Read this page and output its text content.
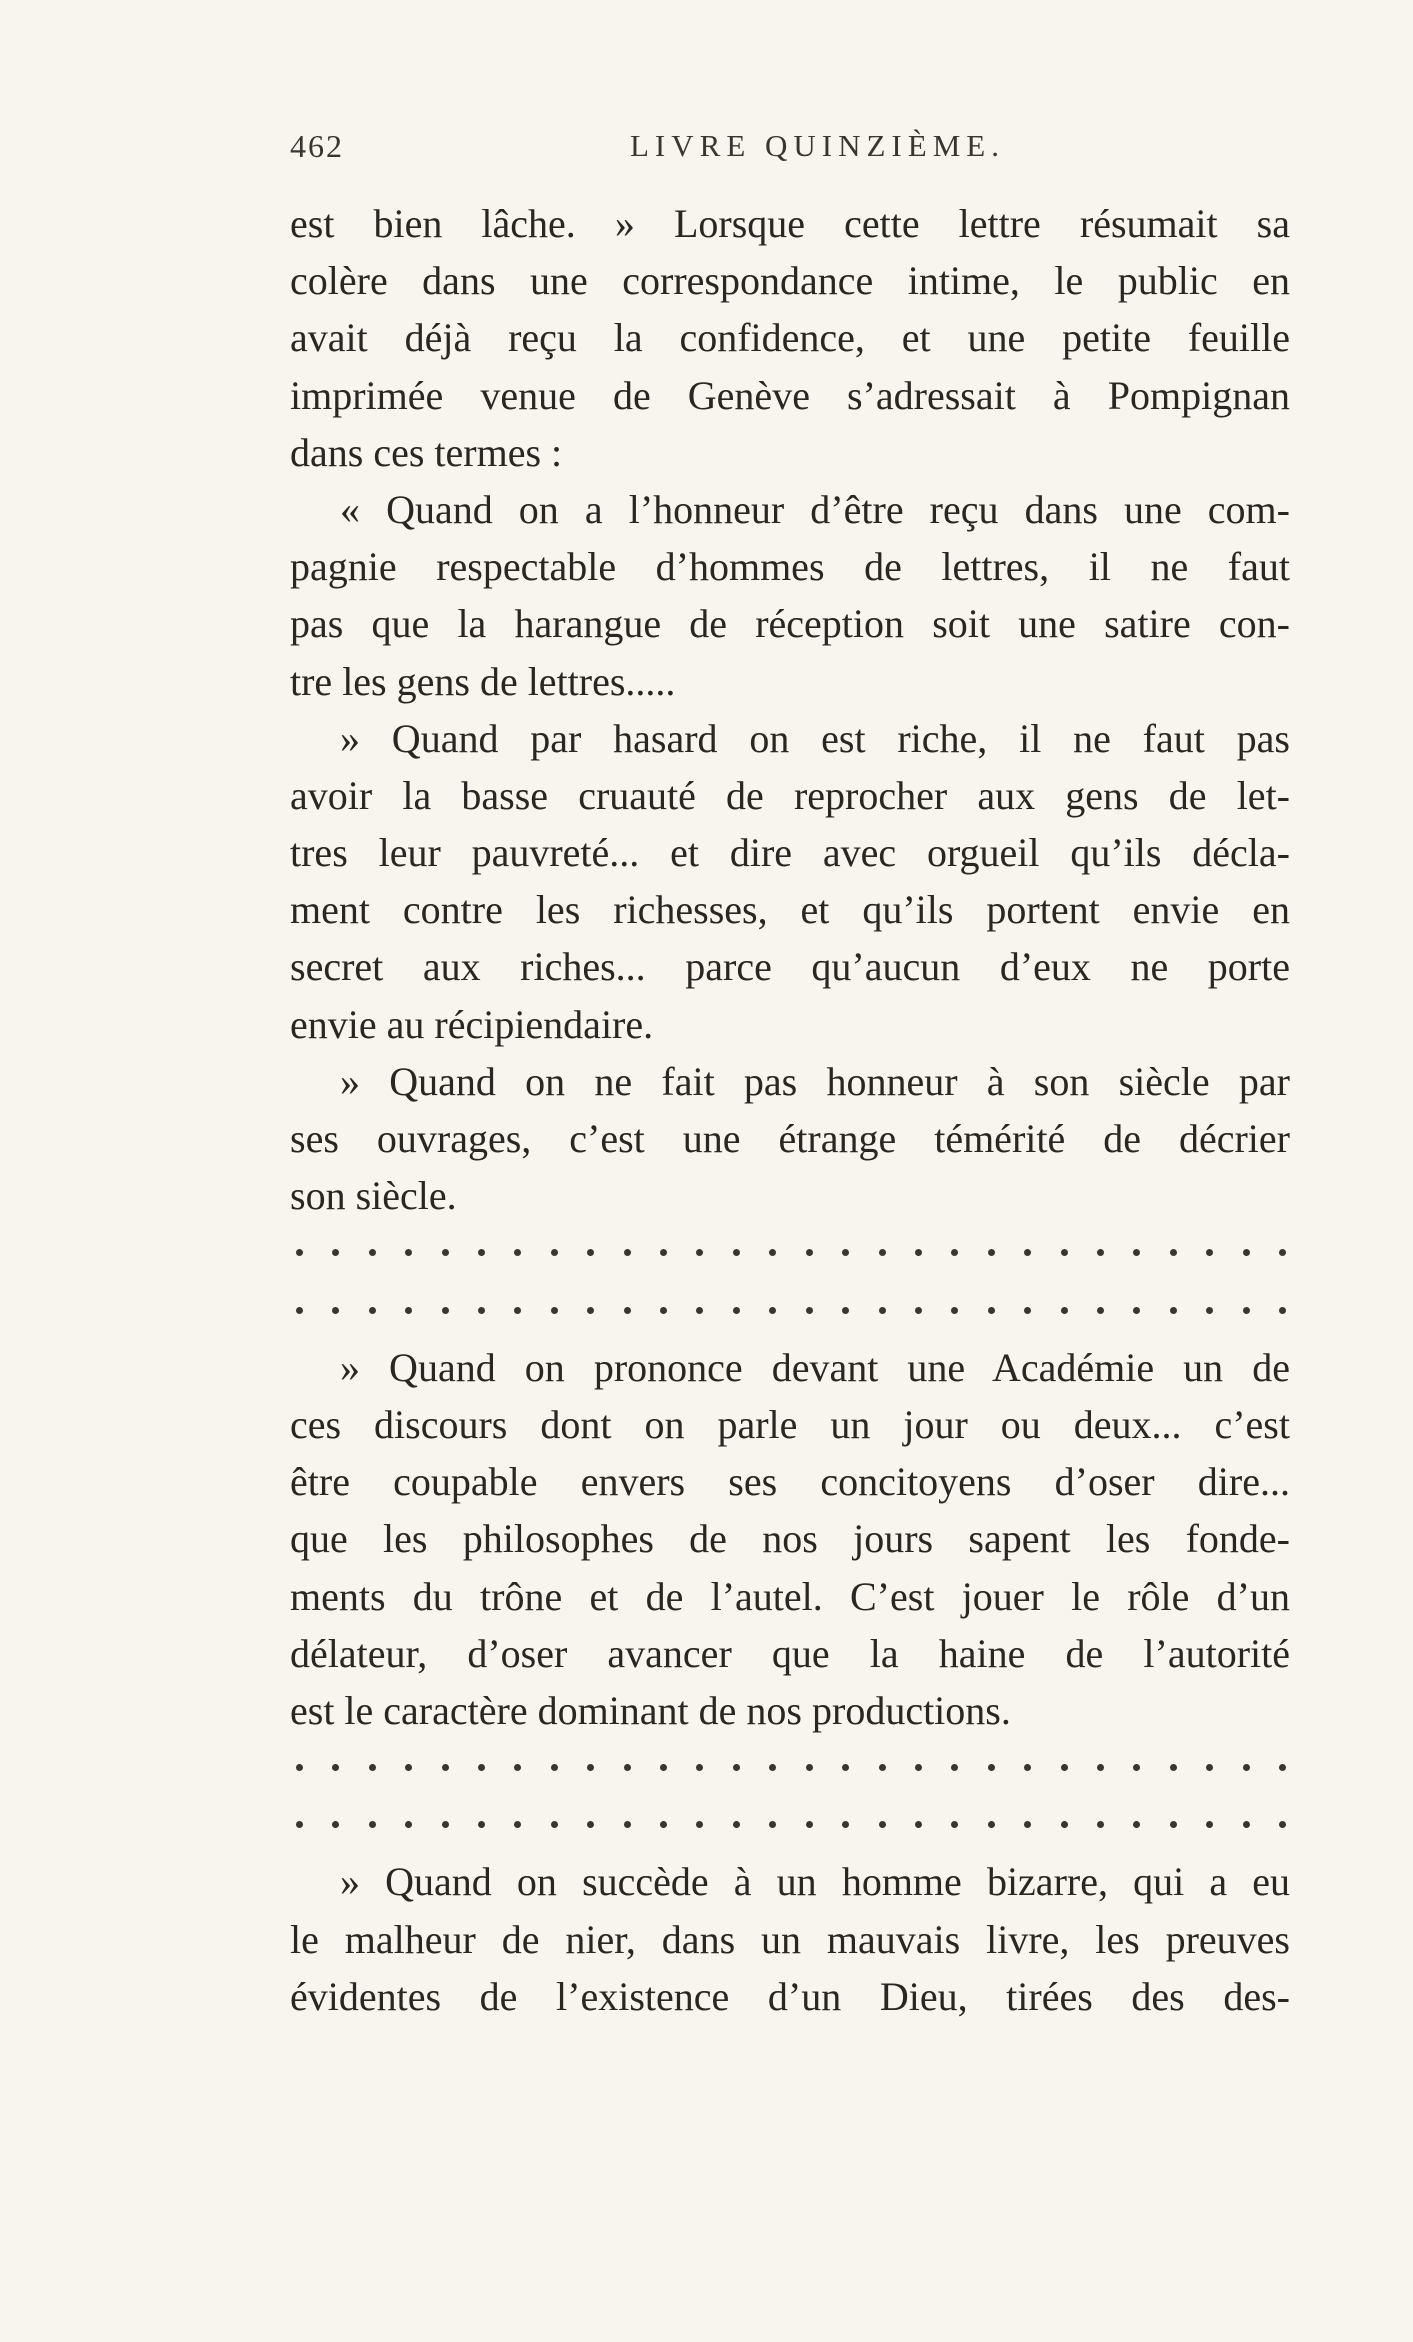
462	LIVRE QUINZIÈME.
est bien lâche. » Lorsque cette lettre résumait sa
colère dans une correspondance intime, le public en
avait déjà reçu la confidence, et une petite feuille
imprimée venue de Genève s’adressait à Pompignan
dans ces termes :
« Quand on a l’honneur d’être reçu dans une com-
pagnie respectable d’hommes de lettres, il ne faut
pas que la harangue de réception soit une satire con-
tre les gens de lettres.....
» Quand par hasard on est riche, il ne faut pas
avoir la basse cruauté de reprocher aux gens de let-
tres leur pauvreté... et dire avec orgueil qu’ils déclа-
ment contre les richesses, et qu’ils portent envie en
secret aux riches... parce qu’aucun d’eux ne porte
envie au récipiendaire.
» Quand on ne fait pas honneur à son siècle par
ses ouvrages, c’est une étrange témérité de décrier
son siècle.
» Quand on prononce devant une Académie un de
ces discours dont on parle un jour ou deux... c’est
être coupable envers ses concitoyens d’oser dire...
que les philosophes de nos jours sapent les fonde-
ments du trône et de l’autel. C’est jouer le rôle d’un
délateur, d’oser avancer que la haine de l’autorité
est le caractère dominant de nos productions.
» Quand on succède à un homme bizarre, qui a eu
le malheur de nier, dans un mauvais livre, les preuves
évidentes de l’existence d’un Dieu, tirées des des-
